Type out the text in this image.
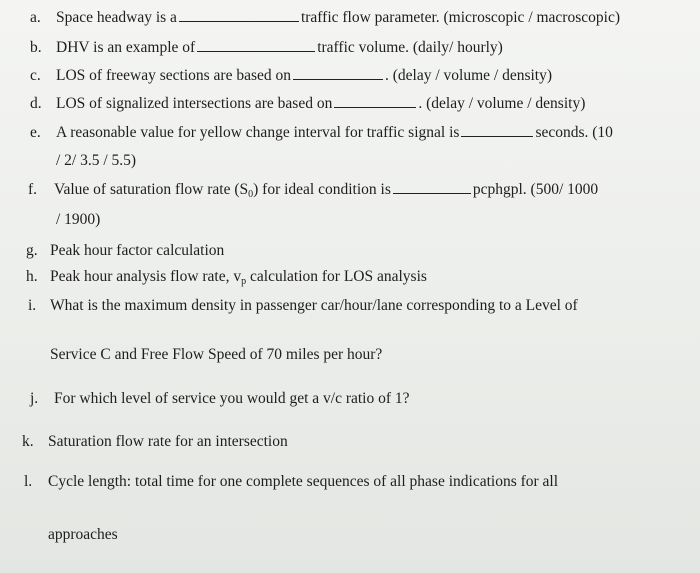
a. Space headway is a	traffic flow parameter. (microscopic / macroscopic)
b. DHV is an example of	traffic volume. (daily/ hourly)
c. LOS of freeway sections are based on	. (delay / volume / density)
d. LOS of signalized intersections are based on	. (delay / volume / density)
e. A reasonable value for yellow change interval for traffic signal is	seconds. (10
/ 2/ 3.5 / 5.5)
f. Value of saturation flow rate $(S_0)$ for ideal condition is	pcphgpl. (500/ 1000
/ 1900)
g. Peak hour factor calculation
h. Peak hour analysis flow rate, $v_p$ calculation for LOS analysis
i. What is the maximum density in passenger car/hour/lane corresponding to a Level of
Service C and Free Flow Speed of 70 miles per hour?
j. For which level of service you would get a v/c ratio of 1?
k. Saturation flow rate for an intersection
l. Cycle length: total time for one complete sequences of all phase indications for all
approaches
